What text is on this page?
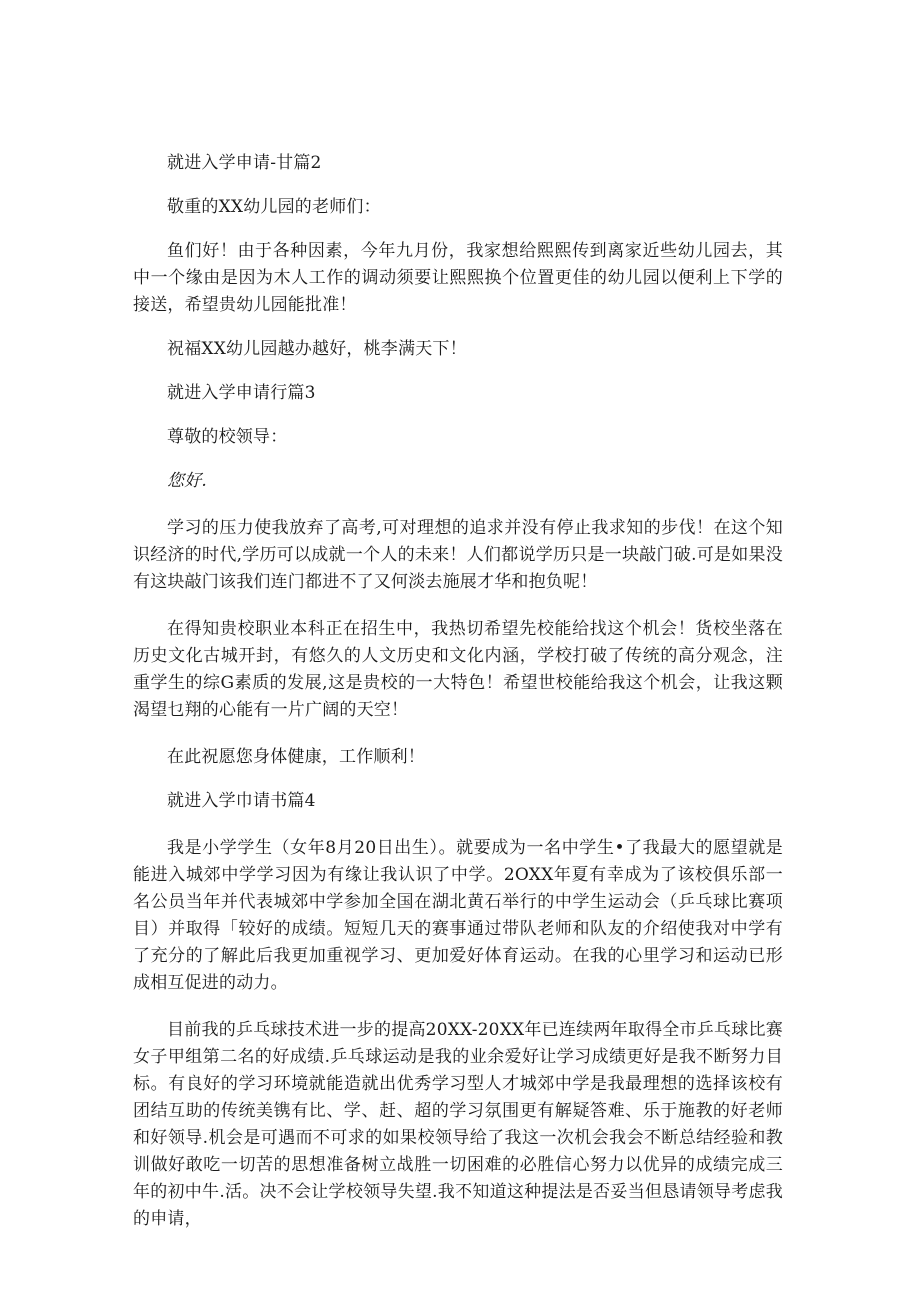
就进入学申请-甘篇2

敬重的XX幼儿园的老师们：

鱼们好！由于各种因素，今年九月份，我家想给熙熙传到离家近些幼儿园去，其中一个缘由是因为木人工作的调动须要让熙熙换个位置更佳的幼儿园以便利上下学的接送，希望贵幼儿园能批准！

祝福XX幼儿园越办越好，桃李满天下！

就进入学申请行篇3

尊敬的校领导：

您好.

学习的压力使我放弃了高考,可对理想的追求并没有停止我求知的步伐！在这个知识经济的时代,学历可以成就一个人的未来！人们都说学历只是一块敲门破.可是如果没有这块敲门该我们连门都进不了又何淡去施展才华和抱负呢！

在得知贵校职业本科正在招生中，我热切希望先校能给找这个机会！货校坐落在历史文化古城开封，有悠久的人文历史和文化内涵，学校打破了传统的高分观念，注重学生的综G素质的发展,这是贵校的一大特色！希望世校能给我这个机会，让我这颗渴望乜翔的心能有一片广阔的天空！

在此祝愿您身体健康，工作顺利！

就进入学巾请书篇4

我是小学学生（女年8月20日出生）。就要成为一名中学生•了我最大的愿望就是能进入城郊中学学习因为有缘让我认识了中学。2OXX年夏有幸成为了该校俱乐部一名公员当年并代表城郊中学参加全国在湖北黄石举行的中学生运动会（乒乓球比赛项目）并取得「较好的成绩。短短几天的赛事通过带队老师和队友的介绍使我对中学有了充分的了解此后我更加重视学习、更加爱好体育运动。在我的心里学习和运动已形成相互促进的动力。

目前我的乒乓球技术进一步的提高20XX-20XX年已连续两年取得全市乒乓球比赛女子甲组第二名的好成绩.乒乓球运动是我的业余爱好让学习成绩更好是我不断努力目标。有良好的学习环境就能造就出优秀学习型人才城郊中学是我最理想的选择该校有团结互助的传统美镌有比、学、赶、超的学习氛围更有解疑答难、乐于施教的好老师和好领导.机会是可遇而不可求的如果校领导给了我这一次机会我会不断总结经验和教训做好敢吃一切苦的思想准备树立战胜一切困难的必胜信心努力以优异的成绩完成三年的初中牛.活。决不会让学校领导失望.我不知道这种提法是否妥当但恳请领导考虑我的申请，
